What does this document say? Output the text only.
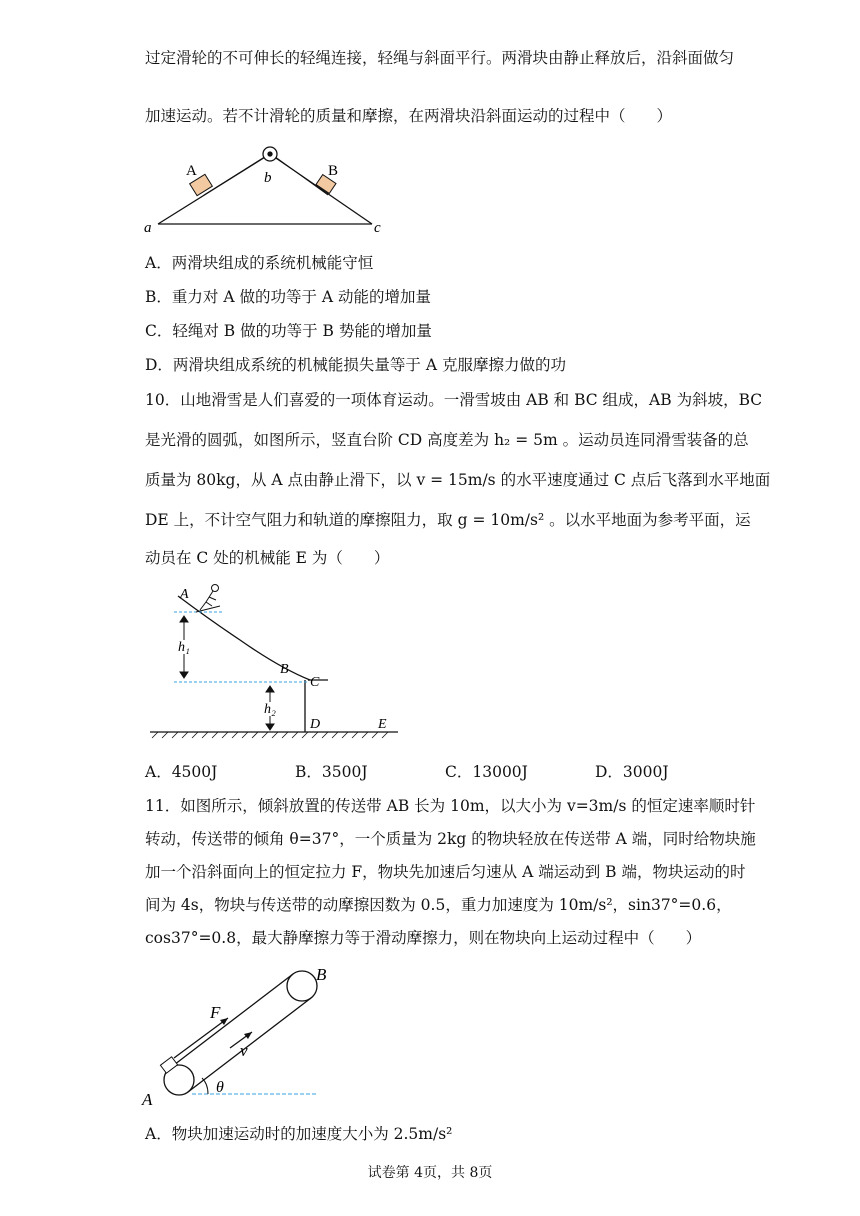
过定滑轮的不可伸长的轻绳连接，轻绳与斜面平行。两滑块由静止释放后，沿斜面做匀
加速运动。若不计滑轮的质量和摩擦，在两滑块沿斜面运动的过程中（　　）
A	B
b
a	c
A．两滑块组成的系统机械能守恒
B．重力对 A 做的功等于 A 动能的增加量
C．轻绳对 B 做的功等于 B 势能的增加量
D．两滑块组成系统的机械能损失量等于 A 克服摩擦力做的功
10．山地滑雪是人们喜爱的一项体育运动。一滑雪坡由 AB 和 BC 组成，AB 为斜坡，BC
是光滑的圆弧，如图所示，竖直台阶 CD 高度差为 h₂ = 5m 。运动员连同滑雪装备的总
质量为 80kg，从 A 点由静止滑下，以 v = 15m/s 的水平速度通过 C 点后飞落到水平地面
DE 上，不计空气阻力和轨道的摩擦阻力，取 g = 10m/s² 。以水平地面为参考平面，运
动员在 C 处的机械能 E 为（　　）
A
B
C
D	E
h₁
h₂
A．4500J	B．3500J	C．13000J	D．3000J
11．如图所示，倾斜放置的传送带 AB 长为 10m，以大小为 v=3m/s 的恒定速率顺时针
转动，传送带的倾角 θ=37°，一个质量为 2kg 的物块轻放在传送带 A 端，同时给物块施
加一个沿斜面向上的恒定拉力 F，物块先加速后匀速从 A 端运动到 B 端，物块运动的时
间为 4s，物块与传送带的动摩擦因数为 0.5，重力加速度为 10m/s²，sin37°=0.6，
cos37°=0.8，最大静摩擦力等于滑动摩擦力，则在物块向上运动过程中（　　）
A
B
F
v
θ
A．物块加速运动时的加速度大小为 2.5m/s²
试卷第 4页，共 8页
